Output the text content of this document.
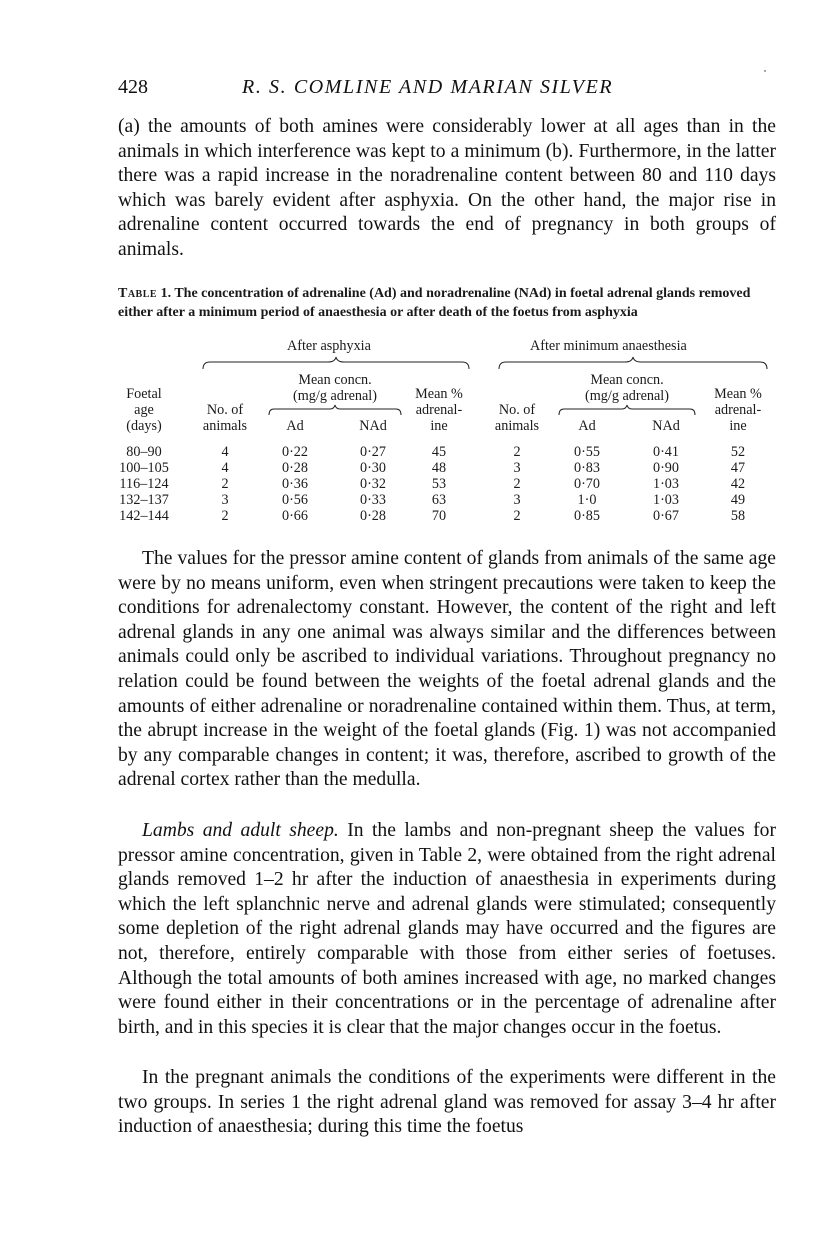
428	R. S. COMLINE AND MARIAN SILVER

(a) the amounts of both amines were considerably lower at all ages than in the animals in which interference was kept to a minimum (b). Furthermore, in the latter there was a rapid increase in the noradrenaline content between 80 and 110 days which was barely evident after asphyxia. On the other hand, the major rise in adrenaline content occurred towards the end of pregnancy in both groups of animals.

Table 1. The concentration of adrenaline (Ad) and noradrenaline (NAd) in foetal adrenal glands removed either after a minimum period of anaesthesia or after death of the foetus from asphyxia

After asphyxia	After minimum anaesthesia
Foetal
age
(days)
No. of
animals
Mean concn.
(mg/g adrenal)
Ad	NAd
Mean %
adrenal-
ine
No. of
animals
Mean concn.
(mg/g adrenal)
Ad	NAd
Mean %
adrenal-
ine
80–90	4	0·22	0·27	45	2	0·55	0·41	52
100–105	4	0·28	0·30	48	3	0·83	0·90	47
116–124	2	0·36	0·32	53	2	0·70	1·03	42
132–137	3	0·56	0·33	63	3	1·0	1·03	49
142–144	2	0·66	0·28	70	2	0·85	0·67	58

The values for the pressor amine content of glands from animals of the same age were by no means uniform, even when stringent precautions were taken to keep the conditions for adrenalectomy constant. However, the content of the right and left adrenal glands in any one animal was always similar and the differences between animals could only be ascribed to individual variations. Throughout pregnancy no relation could be found between the weights of the foetal adrenal glands and the amounts of either adrenaline or noradrenaline contained within them. Thus, at term, the abrupt increase in the weight of the foetal glands (Fig. 1) was not accompanied by any comparable changes in content; it was, therefore, ascribed to growth of the adrenal cortex rather than the medulla.

Lambs and adult sheep. In the lambs and non-pregnant sheep the values for pressor amine concentration, given in Table 2, were obtained from the right adrenal glands removed 1–2 hr after the induction of anaesthesia in experiments during which the left splanchnic nerve and adrenal glands were stimulated; consequently some depletion of the right adrenal glands may have occurred and the figures are not, therefore, entirely comparable with those from either series of foetuses. Although the total amounts of both amines increased with age, no marked changes were found either in their concentrations or in the percentage of adrenaline after birth, and in this species it is clear that the major changes occur in the foetus.

In the pregnant animals the conditions of the experiments were different in the two groups. In series 1 the right adrenal gland was removed for assay 3–4 hr after induction of anaesthesia; during this time the foetus
